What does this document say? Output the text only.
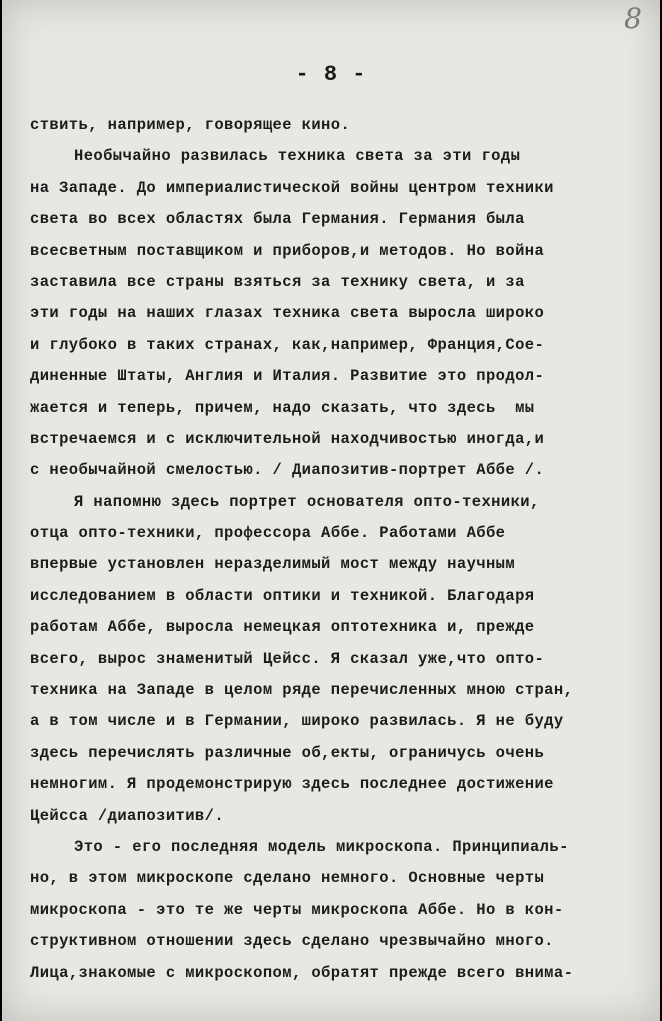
8
- 8 -
ствить, например, говорящее кино.
Необычайно развилась техника света за эти годы
на Западе. До империалистической войны центром техники
света во всех областях была Германия. Германия была
всесветным поставщиком и приборов,и методов. Но война
заставила все страны взяться за технику света, и за
эти годы на наших глазах техника света выросла широко
и глубоко в таких странах, как,например, Франция,Сое-
диненные Штаты, Англия и Италия. Развитие это продол-
жается и теперь, причем, надо сказать, что здесь  мы
встречаемся и с исключительной находчивостью иногда,и
с необычайной смелостью. / Диапозитив-портрет Аббе /.
Я напомню здесь портрет основателя опто-техники,
отца опто-техники, профессора Аббе. Работами Аббе
впервые установлен неразделимый мост между научным
исследованием в области оптики и техникой. Благодаря
работам Аббе, выросла немецкая оптотехника и, прежде
всего, вырос знаменитый Цейсс. Я сказал уже,что опто-
техника на Западе в целом ряде перечисленных мною стран,
а в том числе и в Германии, широко развилась. Я не буду
здесь перечислять различные об,екты, ограничусь очень
немногим. Я продемонстрирую здесь последнее достижение
Цейсса /диапозитив/.
Это - его последняя модель микроскопа. Принципиаль-
но, в этом микроскопе сделано немного. Основные черты
микроскопа - это те же черты микроскопа Аббе. Но в кон-
структивном отношении здесь сделано чрезвычайно много.
Лица,знакомые с микроскопом, обратят прежде всего внима-
